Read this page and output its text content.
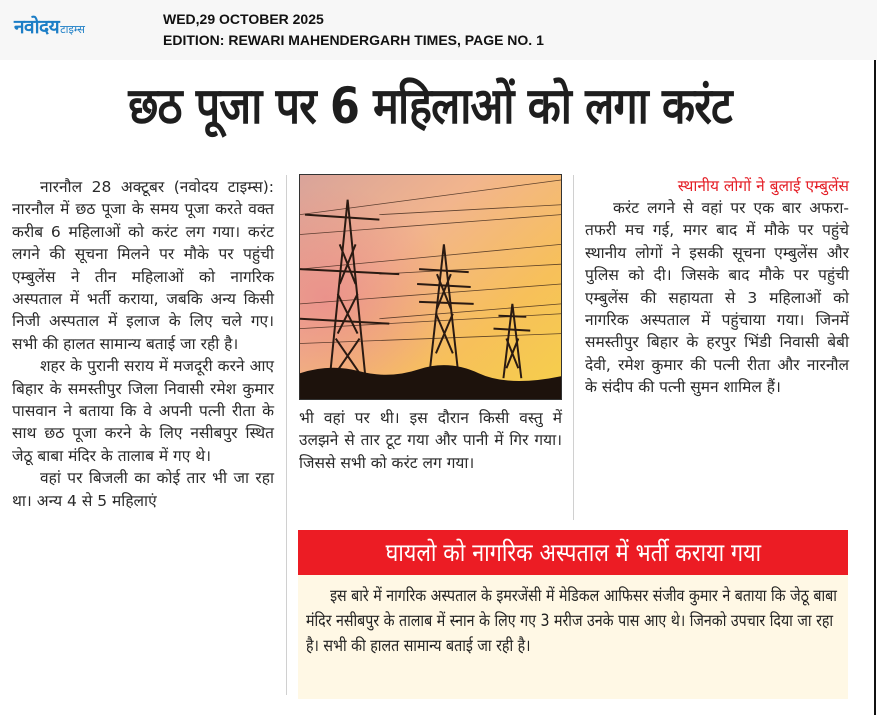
नवोदय टाइम्स
WED,29 OCTOBER 2025
EDITION: REWARI MAHENDERGARH TIMES, PAGE NO. 1
छठ पूजा पर 6 महिलाओं को लगा करंट

नारनौल 28 अक्टूबर (नवोदय टाइम्स): नारनौल में छठ पूजा के समय पूजा करते वक्त करीब 6 महिलाओं को करंट लग गया। करंट लगने की सूचना मिलने पर मौके पर पहुंची एम्बुलेंस ने तीन महिलाओं को नागरिक अस्पताल में भर्ती कराया, जबकि अन्य किसी निजी अस्पताल में इलाज के लिए चले गए। सभी की हालत सामान्य बताई जा रही है।

शहर के पुरानी सराय में मजदूरी करने आए बिहार के समस्तीपुर जिला निवासी रमेश कुमार पासवान ने बताया कि वे अपनी पत्नी रीता के साथ छठ पूजा करने के लिए नसीबपुर स्थित जेठू बाबा मंदिर के तालाब में गए थे।

वहां पर बिजली का कोई तार भी जा रहा था। अन्य 4 से 5 महिलाएं

भी वहां पर थी। इस दौरान किसी वस्तु में उलझने से तार टूट गया और पानी में गिर गया। जिससे सभी को करंट लग गया।

स्थानीय लोगों ने बुलाई एम्बुलेंस

करंट लगने से वहां पर एक बार अफरा-तफरी मच गई, मगर बाद में मौके पर पहुंचे स्थानीय लोगों ने इसकी सूचना एम्बुलेंस और पुलिस को दी। जिसके बाद मौके पर पहुंची एम्बुलेंस की सहायता से 3 महिलाओं को नागरिक अस्पताल में पहुंचाया गया। जिनमें समस्तीपुर बिहार के हरपुर भिंडी निवासी बेबी देवी, रमेश कुमार की पत्नी रीता और नारनौल के संदीप की पत्नी सुमन शामिल हैं।

घायलो को नागरिक अस्पताल में भर्ती कराया गया

इस बारे में नागरिक अस्पताल के इमरजेंसी में मेडिकल आफिसर संजीव कुमार ने बताया कि जेठू बाबा मंदिर नसीबपुर के तालाब में स्नान के लिए गए 3 मरीज उनके पास आए थे। जिनको उपचार दिया जा रहा है। सभी की हालत सामान्य बताई जा रही है।
